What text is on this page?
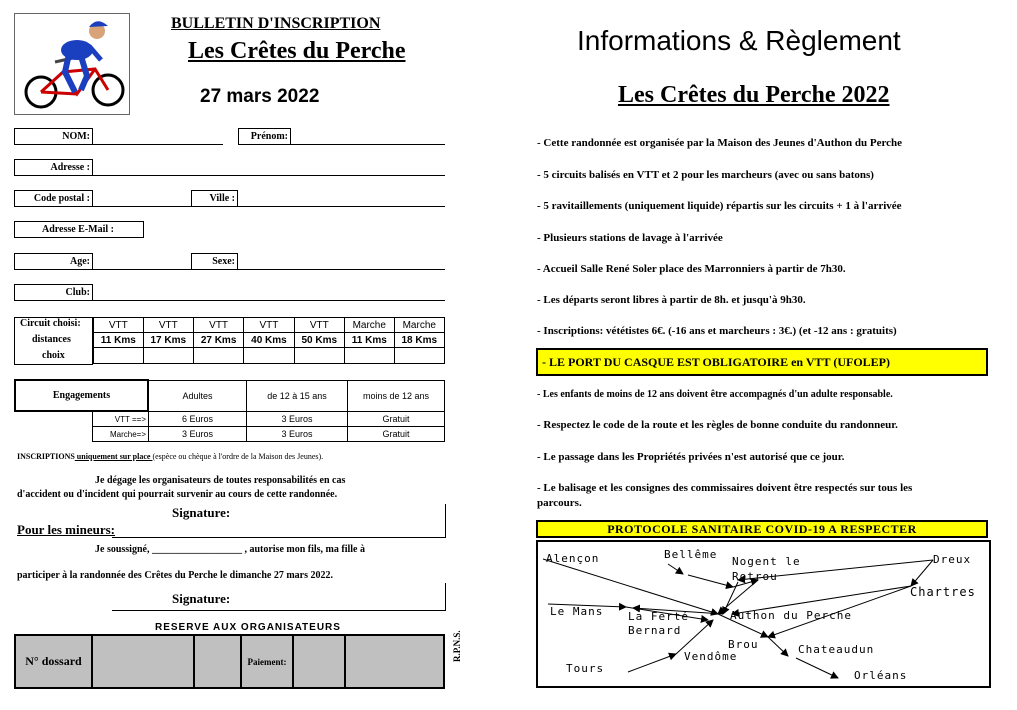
BULLETIN D'INSCRIPTION
Les Crêtes du Perche
27 mars 2022
NOM:	Prénom:
Adresse :
Code postal :	Ville :
Adresse E-Mail :
Age:	Sexe:
Club:
Circuit choisi:
distances
choix
VTT	VTT	VTT	VTT	VTT	Marche	Marche
11 Kms	17 Kms	27 Kms	40 Kms	50 Kms	11 Kms	18 Kms

Engagements	Adultes	de 12 à 15 ans	moins de 12 ans
VTT ==>	6 Euros	3 Euros	Gratuit
Marche=>	3 Euros	3 Euros	Gratuit
INSCRIPTIONS uniquement sur place (espèce ou chèque à l'ordre de la Maison des Jeunes).
Je dégage les organisateurs de toutes responsabilités en cas
d'accident ou d'incident qui pourrait survenir au cours de cette randonnée.
Signature:
Pour les mineurs:
Je soussigné, __________________ , autorise mon fils, ma fille à
participer à la randonnée des Crêtes du Perche le dimanche 27 mars 2022.
Signature:
RESERVE AUX ORGANISATEURS
N° dossard			Paiement:			R.P.N.S.
Informations & Règlement
Les Crêtes du Perche 2022
- Cette randonnée est organisée par la Maison des Jeunes d'Authon du Perche
- 5 circuits balisés en VTT et 2 pour les marcheurs (avec ou sans batons)
- 5 ravitaillements (uniquement liquide) répartis sur les circuits + 1 à l'arrivée
- Plusieurs stations de lavage à l'arrivée
- Accueil Salle René Soler place des Marronniers à partir de 7h30.
- Les départs seront libres à partir de 8h. et jusqu'à 9h30.
- Inscriptions: vététistes 6€. (-16 ans et marcheurs : 3€.) (et -12 ans : gratuits)
- LE PORT DU CASQUE EST OBLIGATOIRE en VTT (UFOLEP)
- Les enfants de moins de 12 ans doivent être accompagnés d'un adulte responsable.
- Respectez le code de la route et les règles de bonne conduite du randonneur.
- Le passage dans les Propriétés privées n'est autorisé que ce jour.
- Le balisage et les consignes des commissaires doivent être respectés sur tous les
parcours.
PROTOCOLE SANITAIRE COVID-19 A RESPECTER
Alençon	Bellême
Nogent le
Rotrou
Dreux
Chartres
Le Mans La Ferté
Bernard
Authon du Perche
Brou	Chateaudun
Vendôme
Tours
Orléans
